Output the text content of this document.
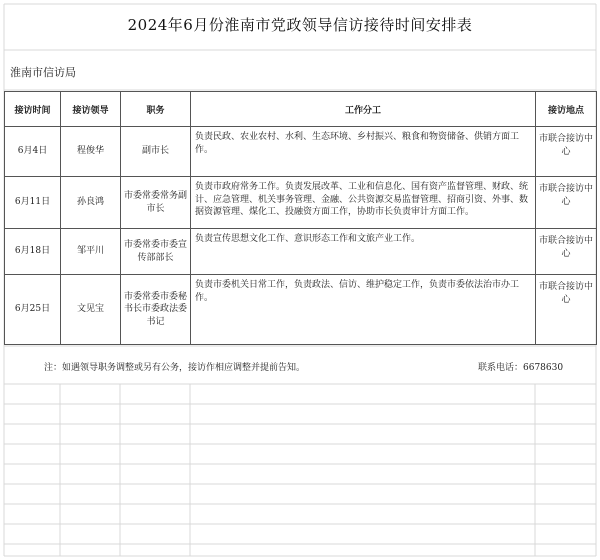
2024年6月份淮南市党政领导信访接待时间安排表
淮南市信访局
接访时间	接访领导	职务	工作分工	接访地点
6月4日	程俊华	副市长	负责民政、农业农村、水利、生态环境、乡村振兴、粮食和物资储备、供销方面工作。	市联合接访中心
6月11日	孙良鸿	市委常委常务副市长	负责市政府常务工作。负责发展改革、工业和信息化、国有资产监督管理、财政、统计、应急管理、机关事务管理、金融、公共资源交易监督管理、招商引资、外事、数据资源管理、煤化工、投融资方面工作，协助市长负责审计方面工作。	市联合接访中心
6月18日	邹平川	市委常委市委宣传部部长	负责宣传思想文化工作、意识形态工作和文旅产业工作。	市联合接访中心
6月25日	文见宝	市委常委市委秘书长市委政法委书记	负责市委机关日常工作，负责政法、信访、维护稳定工作，负责市委依法治市办工作。	市联合接访中心
注：如遇领导职务调整或另有公务，接访作相应调整并提前告知。	联系电话：6678630
